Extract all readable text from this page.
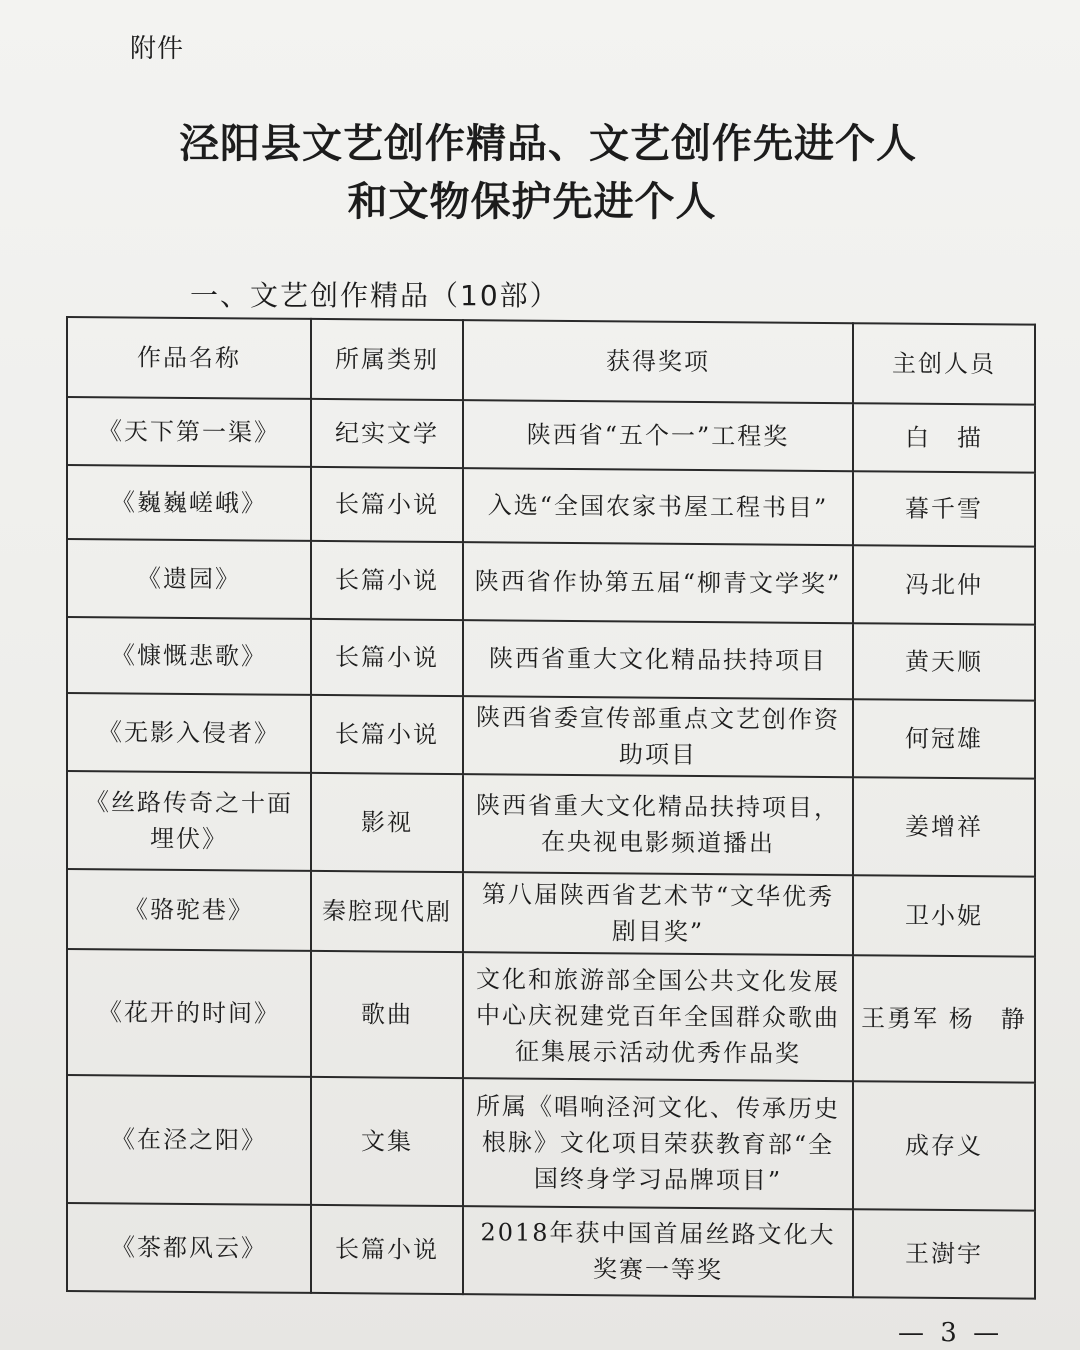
附件
泾阳县文艺创作精品、文艺创作先进个人
和文物保护先进个人
一、文艺创作精品（10部）
作品名称	所属类别	获得奖项	主创人员
《天下第一渠》	纪实文学	陕西省“五个一”工程奖	白　描
《巍巍嵯峨》	长篇小说	入选“全国农家书屋工程书目”	暮千雪
《遗园》	长篇小说	陕西省作协第五届“柳青文学奖”	冯北仲
《慷慨悲歌》	长篇小说	陕西省重大文化精品扶持项目	黄天顺
《无影入侵者》	长篇小说	陕西省委宣传部重点文艺创作资助项目	何冠雄
《丝路传奇之十面埋伏》	影视	陕西省重大文化精品扶持项目，在央视电影频道播出	姜增祥
《骆驼巷》	秦腔现代剧	第八届陕西省艺术节“文华优秀剧目奖”	卫小妮
《花开的时间》	歌曲	文化和旅游部全国公共文化发展中心庆祝建党百年全国群众歌曲征集展示活动优秀作品奖	王勇军 杨　静
《在泾之阳》	文集	所属《唱响泾河文化、传承历史根脉》文化项目荣获教育部“全国终身学习品牌项目”	成存义
《茶都风云》	长篇小说	2018年获中国首届丝路文化大奖赛一等奖	王澍宇
— 3 —
